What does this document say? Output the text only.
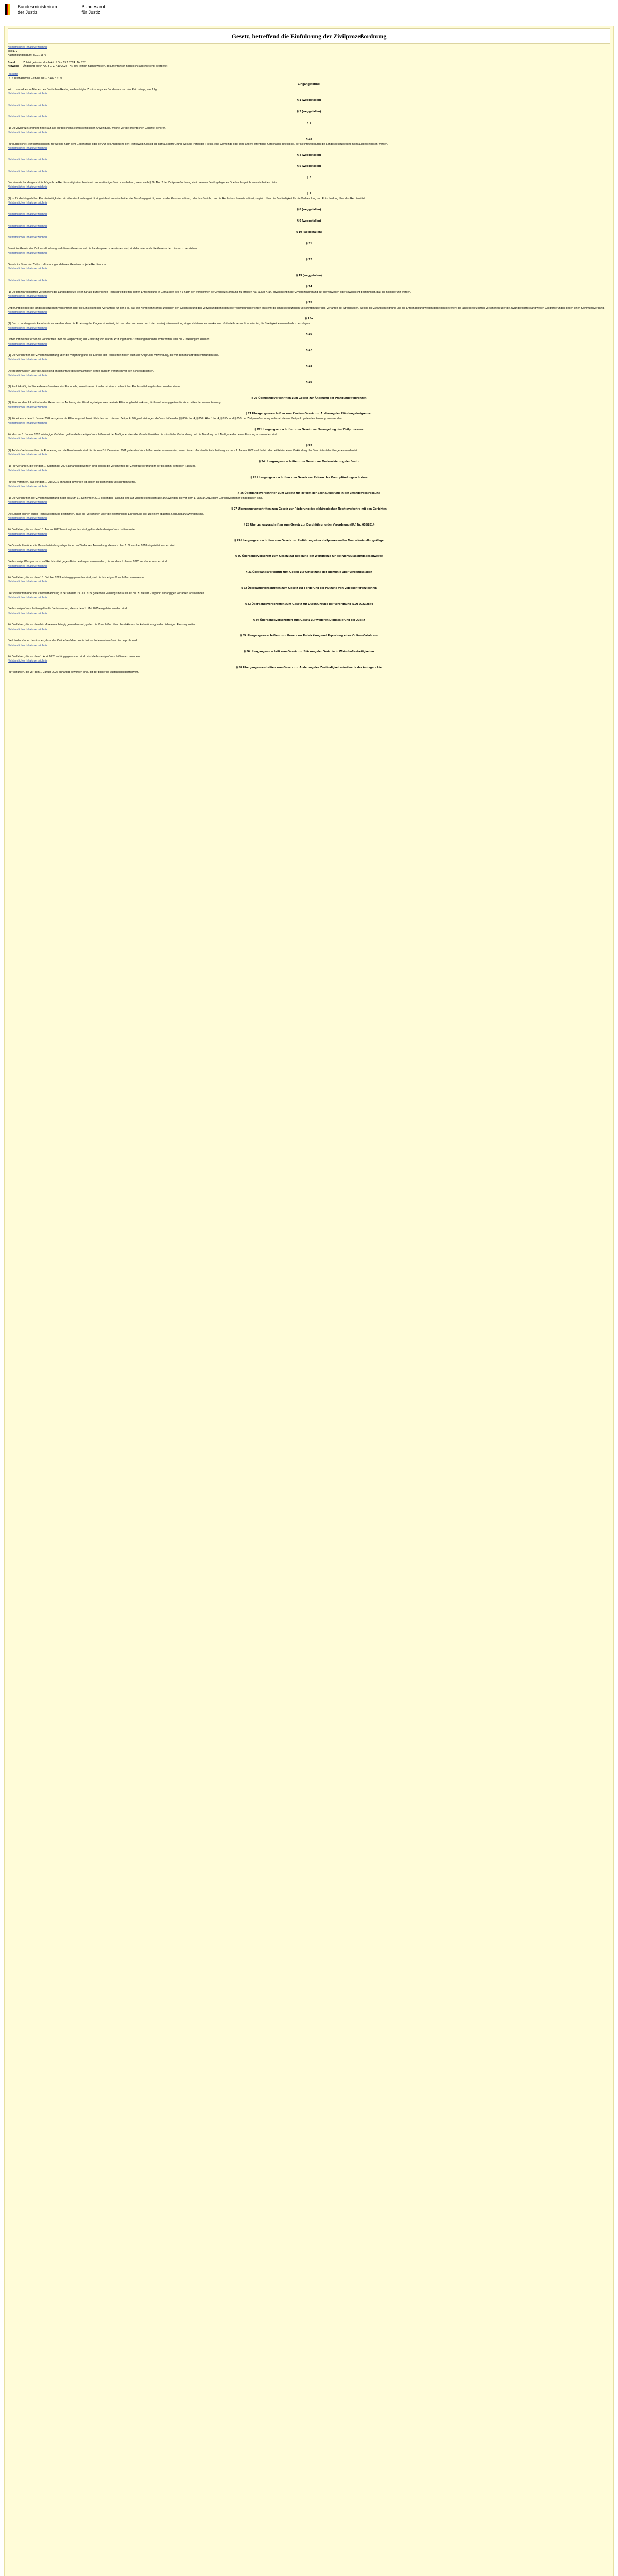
Bundesministerium
der Justiz
Bundesamt
für Justiz
Gesetz, betreffend die Einführung der Zivilprozeßordnung
Nichtamtliches Inhaltsverzeichnis
ZPOEG
Ausfertigungsdatum: 30.01.1877
Stand:	Zuletzt geändert durch Art. 5 G v. 15.7.2024 I Nr. 237
Hinweis:	Änderung durch Art. 3 G v. 7.10.2024 I Nr. 302 textlich nachgewiesen, dokumentarisch noch nicht abschließend bearbeitet
Fußnote
(+++ Textnachweis Geltung ab: 1.7.1977 +++)
Eingangsformel
Wir, ... verordnen im Namen des Deutschen Reichs, nach erfolgter Zustimmung des Bundesrats und des Reichstags, was folgt:
Nichtamtliches Inhaltsverzeichnis
§ 1 (weggefallen)
Nichtamtliches Inhaltsverzeichnis
§ 2 (weggefallen)
Nichtamtliches Inhaltsverzeichnis
§ 3
(1) Die Zivilprozeßordnung findet auf alle bürgerlichen Rechtsstreitigkeiten Anwendung, welche vor die ordentlichen Gerichte gehören.
Nichtamtliches Inhaltsverzeichnis
§ 3a
Für bürgerliche Rechtsstreitigkeiten, für welche nach dem Gegenstand oder der Art des Anspruchs der Rechtsweg zulässig ist, darf aus dem Grund, weil als Partei der Fiskus, eine Gemeinde oder eine andere öffentliche Korporation beteiligt ist, der Rechtsweg durch die Landesgesetzgebung nicht ausgeschlossen werden.
Nichtamtliches Inhaltsverzeichnis
§ 4 (weggefallen)
Nichtamtliches Inhaltsverzeichnis
§ 5 (weggefallen)
Nichtamtliches Inhaltsverzeichnis
§ 6
Das oberste Landesgericht für bürgerliche Rechtsstreitigkeiten bestimmt das zuständige Gericht auch dann, wenn nach § 36 Abs. 2 der Zivilprozeßordnung ein in seinem Bezirk gelegenes Oberlandesgericht zu entscheiden hätte.
Nichtamtliches Inhaltsverzeichnis
§ 7
(1) Ist für die bürgerlichen Rechtsstreitigkeiten ein oberstes Landesgericht eingerichtet, so entscheidet das Berufungsgericht, wenn es die Revision zulässt, oder das Gericht, das die Rechtsbeschwerde zulässt, zugleich über die Zuständigkeit für die Verhandlung und Entscheidung über das Rechtsmittel.
Nichtamtliches Inhaltsverzeichnis
§ 8 (weggefallen)
Nichtamtliches Inhaltsverzeichnis
§ 9 (weggefallen)
Nichtamtliches Inhaltsverzeichnis
§ 10 (weggefallen)
Nichtamtliches Inhaltsverzeichnis
§ 11
Soweit im Gesetz der Zivilprozeßordnung und dieses Gesetzes auf die Landesgesetze verwiesen wird, sind darunter auch die Gesetze der Länder zu verstehen.
Nichtamtliches Inhaltsverzeichnis
§ 12
Gesetz im Sinne der Zivilprozeßordnung und dieses Gesetzes ist jede Rechtsnorm.
Nichtamtliches Inhaltsverzeichnis
§ 13 (weggefallen)
Nichtamtliches Inhaltsverzeichnis
§ 14
(1) Die prozeßrechtlichen Vorschriften der Landesgesetze treten für alle bürgerlichen Rechtsstreitigkeiten, deren Entscheidung in Gemäßheit des § 3 nach den Vorschriften der Zivilprozeßordnung zu erfolgen hat, außer Kraft, soweit nicht in der Zivilprozeßordnung auf sie verwiesen oder soweit nicht bestimmt ist, daß sie nicht berührt werden.
Nichtamtliches Inhaltsverzeichnis
§ 15
Unberührt bleiben: die landesgesetzlichen Vorschriften über die Einstellung des Verfahrens für den Fall, daß ein Kompetenzkonflikt zwischen den Gerichten und den Verwaltungsbehörden oder Verwaltungsgerichten entsteht; die landesgesetzlichen Vorschriften über das Verfahren bei Streitigkeiten, welche die Zwangsenteignung und die Entschädigung wegen derselben betreffen; die landesgesetzlichen Vorschriften über die Zwangsvollstreckung wegen Geldforderungen gegen einen Kommunalverband.
Nichtamtliches Inhaltsverzeichnis
§ 15a
(1) Durch Landesgesetz kann bestimmt werden, dass die Erhebung der Klage erst zulässig ist, nachdem von einer durch die Landesjustizverwaltung eingerichteten oder anerkannten Gütestelle versucht worden ist, die Streitigkeit einvernehmlich beizulegen.
Nichtamtliches Inhaltsverzeichnis
§ 16
Unberührt bleiben ferner die Vorschriften über die Verpflichtung zur Erhaltung von Waren, Prüfungen und Zustellungen und die Vorschriften über die Zustellung im Ausland.
Nichtamtliches Inhaltsverzeichnis
§ 17
(1) Die Vorschriften der Zivilprozeßordnung über die Verjährung und die Einrede der Rechtskraft finden auch auf Ansprüche Anwendung, die vor dem Inkrafttreten entstanden sind.
Nichtamtliches Inhaltsverzeichnis
§ 18
Die Bestimmungen über die Zustellung an den Prozeßbevollmächtigten gelten auch im Verfahren vor den Schiedsgerichten.
Nichtamtliches Inhaltsverzeichnis
§ 19
(1) Rechtskräftig im Sinne dieses Gesetzes sind Endurteile, soweit sie nicht mehr mit einem ordentlichen Rechtsmittel angefochten werden können.
Nichtamtliches Inhaltsverzeichnis
§ 20 Übergangsvorschriften zum Gesetz zur Änderung der Pfändungsfreigrenzen
(1) Eine vor dem Inkrafttreten des Gesetzes zur Änderung der Pfändungsfreigrenzen bewirkte Pfändung bleibt wirksam; für ihren Umfang gelten die Vorschriften der neuen Fassung.
Nichtamtliches Inhaltsverzeichnis
§ 21 Übergangsvorschriften zum Zweiten Gesetz zur Änderung der Pfändungsfreigrenzen
(1) Für eine vor dem 1. Januar 2002 ausgebrachte Pfändung sind hinsichtlich der nach diesem Zeitpunkt fälligen Leistungen die Vorschriften der §§ 850a Nr. 4, § 850b Abs. 1 Nr. 4, § 850c und § 850f der Zivilprozeßordnung in der ab diesem Zeitpunkt geltenden Fassung anzuwenden.
Nichtamtliches Inhaltsverzeichnis
§ 22 Übergangsvorschriften zum Gesetz zur Neuregelung des Zivilprozesses
Für das am 1. Januar 2002 anhängige Verfahren gelten die bisherigen Vorschriften mit der Maßgabe, dass die Vorschriften über die mündliche Verhandlung und die Berufung nach Maßgabe der neuen Fassung anzuwenden sind.
Nichtamtliches Inhaltsverzeichnis
§ 23
(1) Auf das Verfahren über die Erinnerung und die Beschwerde sind die bis zum 31. Dezember 2001 geltenden Vorschriften weiter anzuwenden, wenn die anzufechtende Entscheidung vor dem 1. Januar 2002 verkündet oder bei Fehlen einer Verkündung der Geschäftsstelle übergeben worden ist.
Nichtamtliches Inhaltsverzeichnis
§ 24 Übergangsvorschriften zum Gesetz zur Modernisierung der Justiz
(1) Für Verfahren, die vor dem 1. September 2004 anhängig geworden sind, gelten die Vorschriften der Zivilprozeßordnung in der bis dahin geltenden Fassung.
Nichtamtliches Inhaltsverzeichnis
§ 25 Übergangsvorschriften zum Gesetz zur Reform des Kontopfändungsschutzes
Für ein Verfahren, das vor dem 1. Juli 2010 anhängig geworden ist, gelten die bisherigen Vorschriften weiter.
Nichtamtliches Inhaltsverzeichnis
§ 26 Übergangsvorschriften zum Gesetz zur Reform der Sachaufklärung in der Zwangsvollstreckung
(1) Die Vorschriften der Zivilprozeßordnung in der bis zum 31. Dezember 2012 geltenden Fassung sind auf Vollstreckungsaufträge anzuwenden, die vor dem 1. Januar 2013 beim Gerichtsvollzieher eingegangen sind.
Nichtamtliches Inhaltsverzeichnis
§ 27 Übergangsvorschriften zum Gesetz zur Förderung des elektronischen Rechtsverkehrs mit den Gerichten
Die Länder können durch Rechtsverordnung bestimmen, dass die Vorschriften über die elektronische Einreichung erst zu einem späteren Zeitpunkt anzuwenden sind.
Nichtamtliches Inhaltsverzeichnis
§ 28 Übergangsvorschriften zum Gesetz zur Durchführung der Verordnung (EU) Nr. 655/2014
Für Verfahren, die vor dem 18. Januar 2017 beantragt worden sind, gelten die bisherigen Vorschriften weiter.
Nichtamtliches Inhaltsverzeichnis
§ 29 Übergangsvorschriften zum Gesetz zur Einführung einer zivilprozessualen Musterfeststellungsklage
Die Vorschriften über die Musterfeststellungsklage finden auf Verfahren Anwendung, die nach dem 1. November 2018 eingeleitet worden sind.
Nichtamtliches Inhaltsverzeichnis
§ 30 Übergangsvorschrift zum Gesetz zur Regelung der Wertgrenze für die Nichtzulassungsbeschwerde
Die bisherige Wertgrenze ist auf Rechtsmittel gegen Entscheidungen anzuwenden, die vor dem 1. Januar 2020 verkündet worden sind.
Nichtamtliches Inhaltsverzeichnis
§ 31 Übergangsvorschrift zum Gesetz zur Umsetzung der Richtlinie über Verbandsklagen
Für Verfahren, die vor dem 13. Oktober 2023 anhängig geworden sind, sind die bisherigen Vorschriften anzuwenden.
Nichtamtliches Inhaltsverzeichnis
§ 32 Übergangsvorschriften zum Gesetz zur Förderung der Nutzung von Videokonferenztechnik
Die Vorschriften über die Videoverhandlung in der ab dem 19. Juli 2024 geltenden Fassung sind auch auf die zu diesem Zeitpunkt anhängigen Verfahren anzuwenden.
Nichtamtliches Inhaltsverzeichnis
§ 33 Übergangsvorschriften zum Gesetz zur Durchführung der Verordnung (EU) 2023/2844
Die bisherigen Vorschriften gelten für Verfahren fort, die vor dem 1. Mai 2025 eingeleitet worden sind.
Nichtamtliches Inhaltsverzeichnis
§ 34 Übergangsvorschriften zum Gesetz zur weiteren Digitalisierung der Justiz
Für Verfahren, die vor dem Inkrafttreten anhängig geworden sind, gelten die Vorschriften über die elektronische Aktenführung in der bisherigen Fassung weiter.
Nichtamtliches Inhaltsverzeichnis
§ 35 Übergangsvorschriften zum Gesetz zur Entwicklung und Erprobung eines Online-Verfahrens
Die Länder können bestimmen, dass das Online-Verfahren zunächst nur bei einzelnen Gerichten erprobt wird.
Nichtamtliches Inhaltsverzeichnis
§ 36 Übergangsvorschrift zum Gesetz zur Stärkung der Gerichte in Wirtschaftsstreitigkeiten
Für Verfahren, die vor dem 1. April 2025 anhängig geworden sind, sind die bisherigen Vorschriften anzuwenden.
Nichtamtliches Inhaltsverzeichnis
§ 37 Übergangsvorschriften zum Gesetz zur Änderung des Zuständigkeitsstreitwerts der Amtsgerichte
Für Verfahren, die vor dem 1. Januar 2026 anhängig geworden sind, gilt der bisherige Zuständigkeitsstreitwert.
